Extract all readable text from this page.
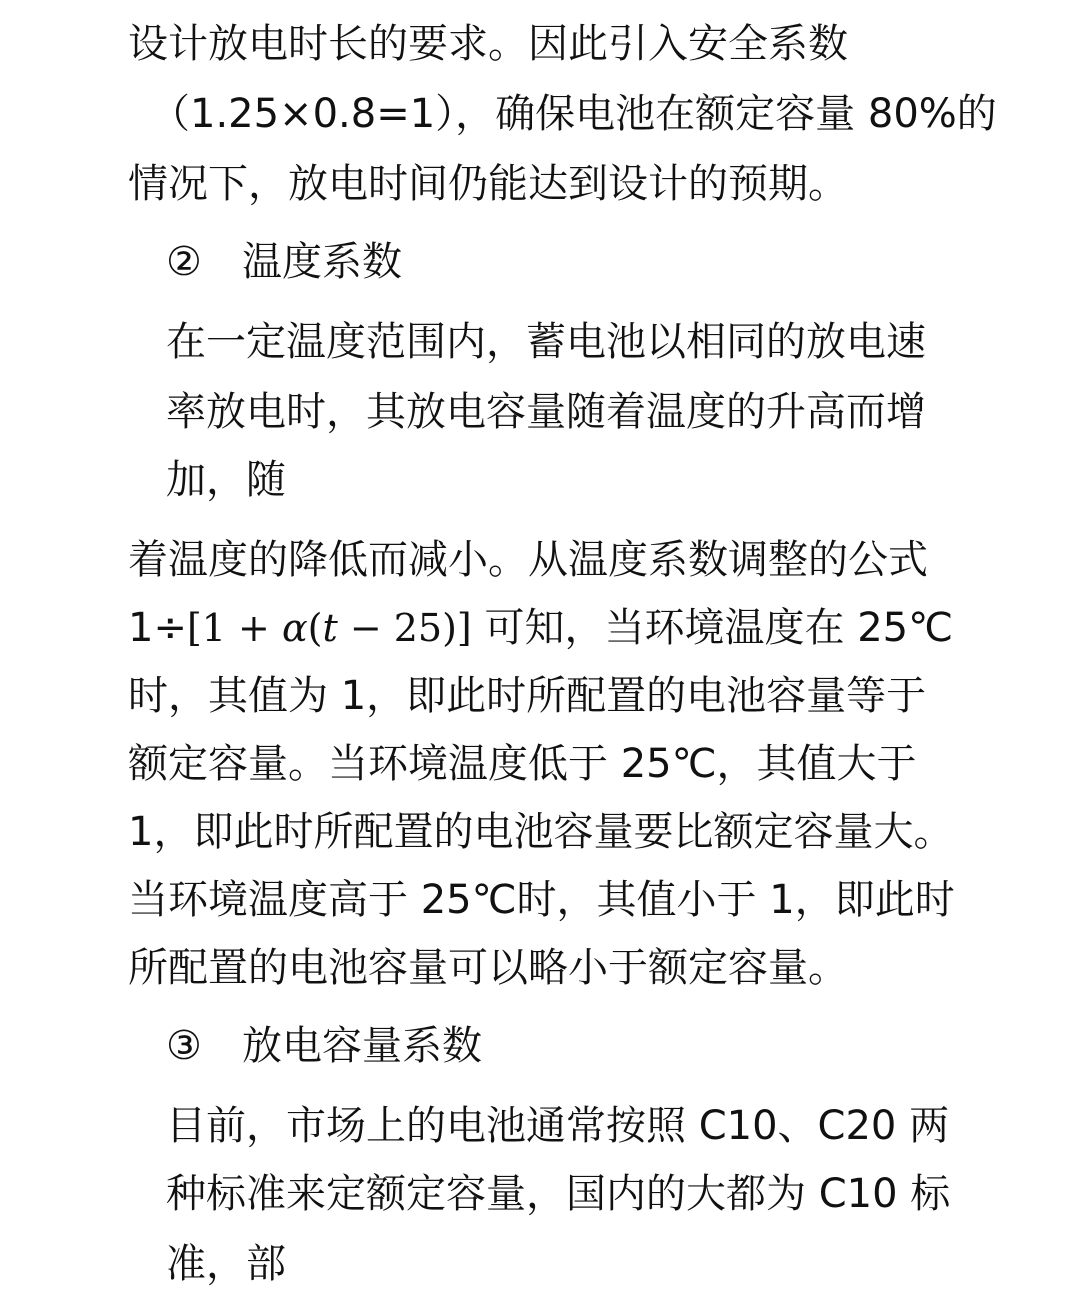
设计放电时长的要求。因此引入安全系数
（1.25×0.8=1），确保电池在额定容量 80%的
情况下，放电时间仍能达到设计的预期。
② 温度系数
在一定温度范围内，蓄电池以相同的放电速
率放电时，其放电容量随着温度的升高而增
加，随
着温度的降低而减小。从温度系数调整的公式
1÷[1 + α(t − 25)] 可知，当环境温度在 25℃
时，其值为 1，即此时所配置的电池容量等于
额定容量。当环境温度低于 25℃，其值大于
1，即此时所配置的电池容量要比额定容量大。
当环境温度高于 25℃时，其值小于 1，即此时
所配置的电池容量可以略小于额定容量。
③ 放电容量系数
目前，市场上的电池通常按照 C10、C20 两
种标准来定额定容量，国内的大都为 C10 标
准，部
